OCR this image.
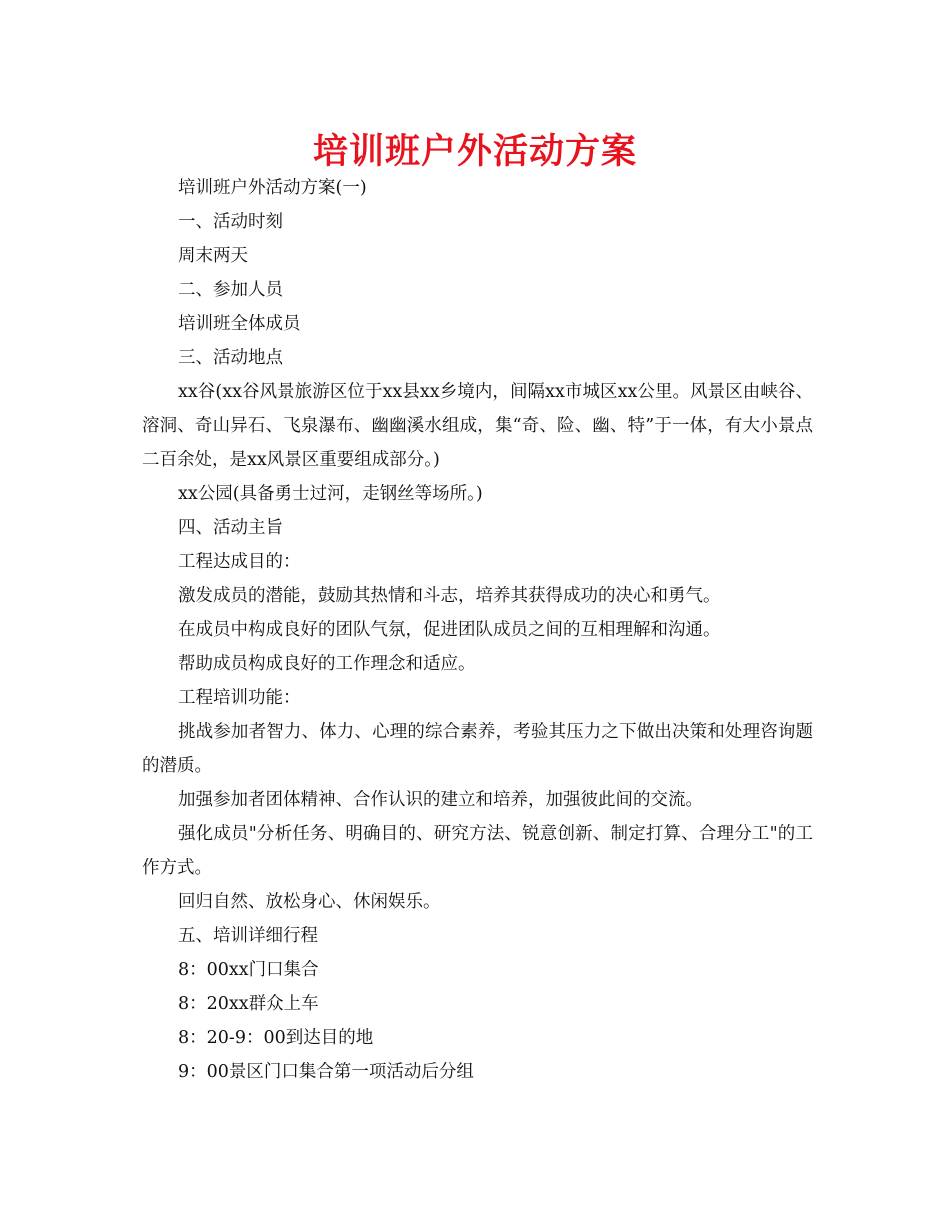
培训班户外活动方案

培训班户外活动方案(一)

一、活动时刻

周末两天

二、参加人员

培训班全体成员

三、活动地点

xx谷(xx谷风景旅游区位于xx县xx乡境内，间隔xx市城区xx公里。风景区由峡谷、溶洞、奇山异石、飞泉瀑布、幽幽溪水组成，集“奇、险、幽、特”于一体，有大小景点二百余处，是xx风景区重要组成部分。)

xx公园(具备勇士过河，走钢丝等场所。)

四、活动主旨

工程达成目的：

激发成员的潜能，鼓励其热情和斗志，培养其获得成功的决心和勇气。

在成员中构成良好的团队气氛，促进团队成员之间的互相理解和沟通。

帮助成员构成良好的工作理念和适应。

工程培训功能：

挑战参加者智力、体力、心理的综合素养，考验其压力之下做出决策和处理咨询题的潜质。

加强参加者团体精神、合作认识的建立和培养，加强彼此间的交流。

强化成员"分析任务、明确目的、研究方法、锐意创新、制定打算、合理分工"的工作方式。

回归自然、放松身心、休闲娱乐。

五、培训详细行程

8：00xx门口集合

8：20xx群众上车

8：20-9：00到达目的地

9：00景区门口集合第一项活动后分组
